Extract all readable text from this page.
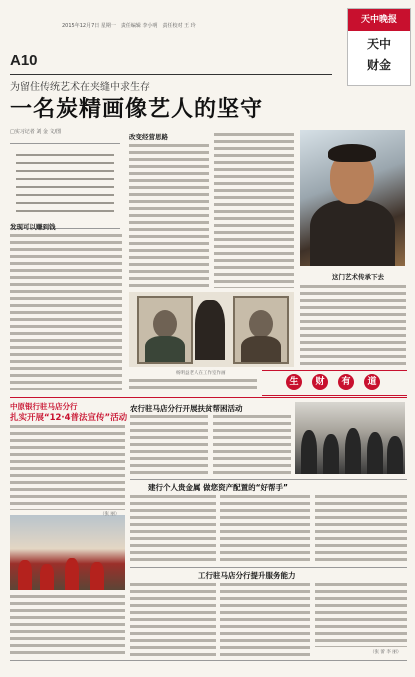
2015年12月7日 星期一　责任编辑 李小明　责任校对 王 玲
A10
天中晚报
天中
财金
为留住传统艺术在夹缝中求生存
一名炭精画像艺人的坚守
□实习记者 刘 金 文/图
发现可以赚到钱
改变经营思路
这门艺术传承下去
杨明益老人在工作室作画
生	财	有	道
中原银行驻马店分行
扎实开展“12·4普法宣传”活动
（张 丽）
农行驻马店分行开展扶贫帮困活动
建行个人贵金属 做您资产配置的“好帮手”
工行驻马店分行提升服务能力
（张 蕾 李 丽）
